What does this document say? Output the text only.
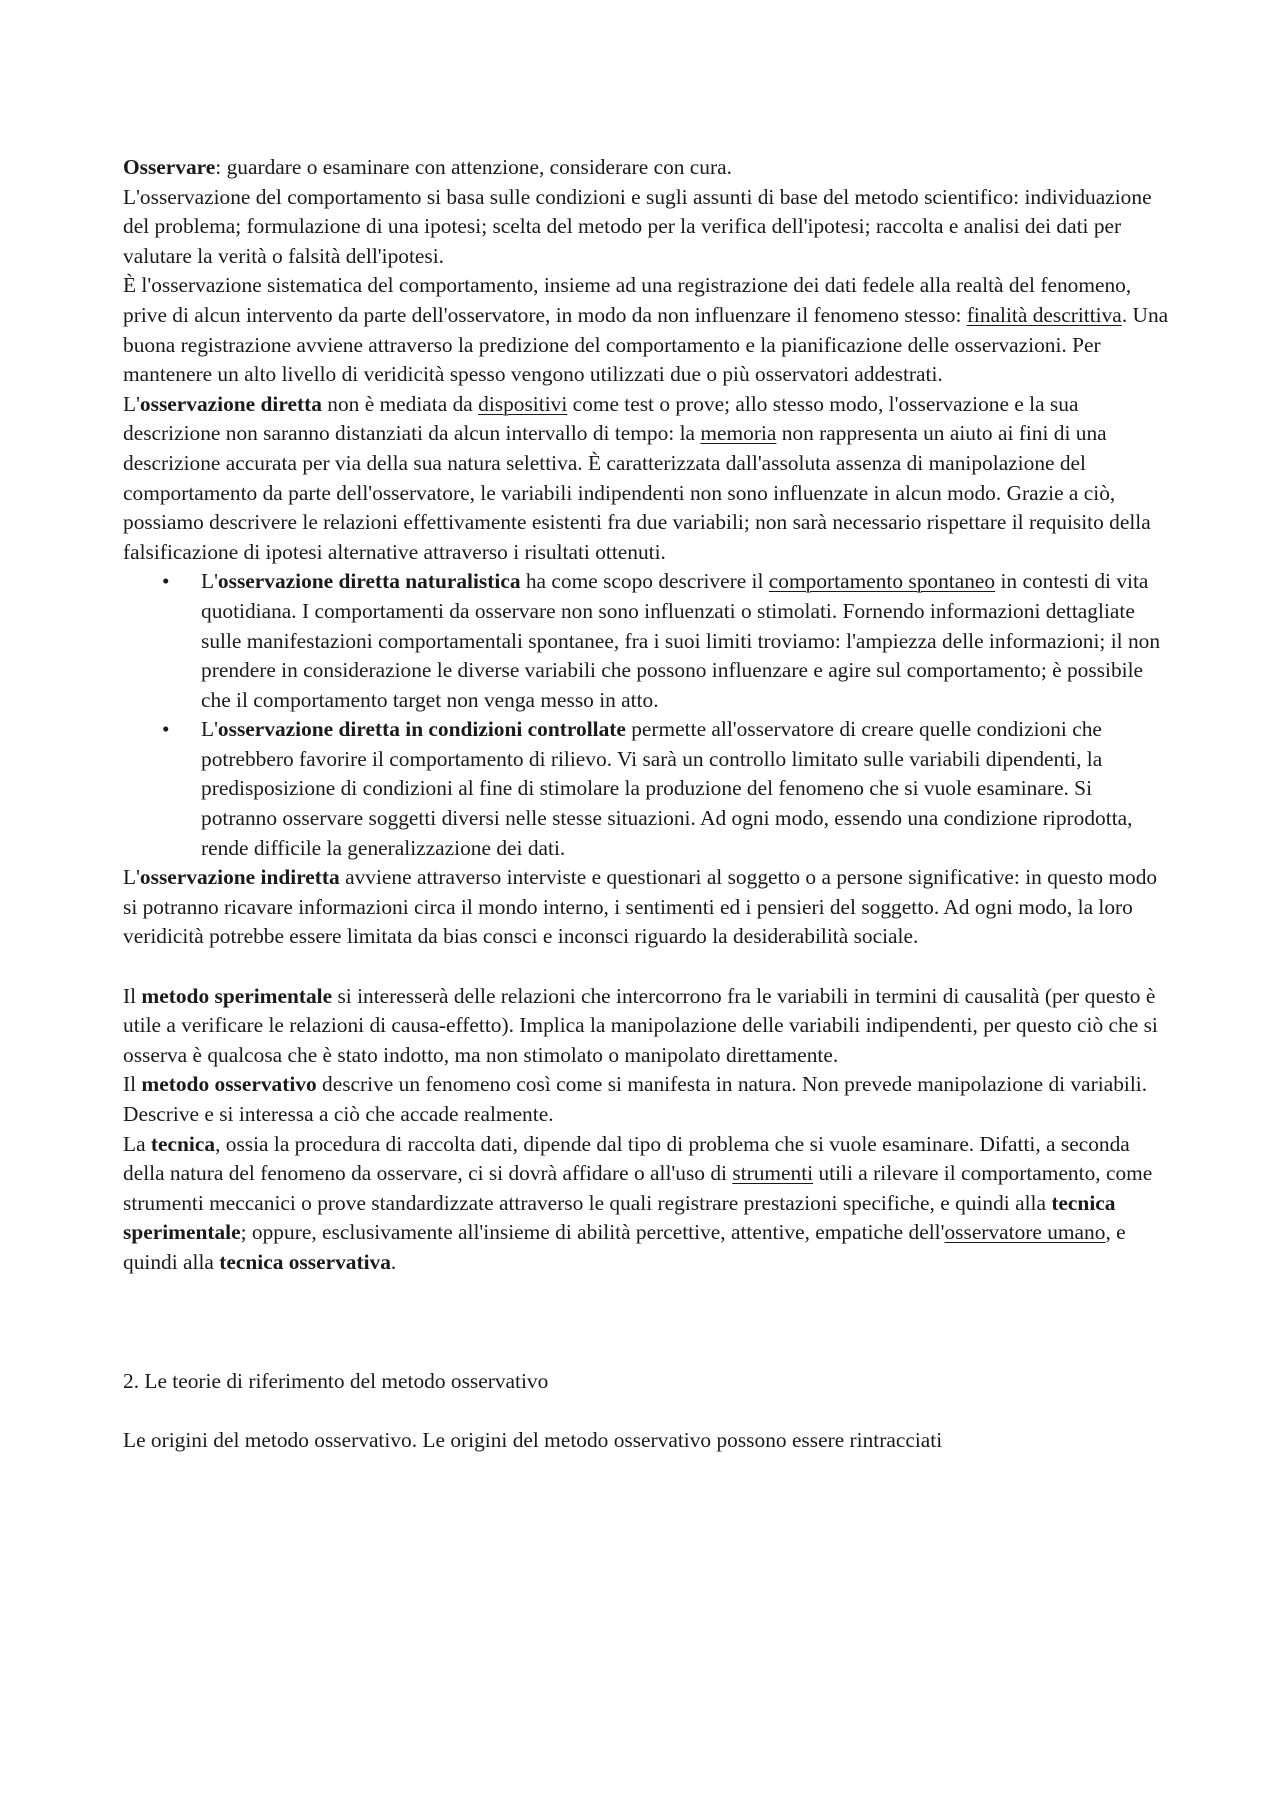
Osservare: guardare o esaminare con attenzione, considerare con cura.

L'osservazione del comportamento si basa sulle condizioni e sugli assunti di base del metodo scientifico: individuazione del problema; formulazione di una ipotesi; scelta del metodo per la verifica dell'ipotesi; raccolta e analisi dei dati per valutare la verità o falsità dell'ipotesi.

È l'osservazione sistematica del comportamento, insieme ad una registrazione dei dati fedele alla realtà del fenomeno, prive di alcun intervento da parte dell'osservatore, in modo da non influenzare il fenomeno stesso: finalità descrittiva. Una buona registrazione avviene attraverso la predizione del comportamento e la pianificazione delle osservazioni. Per mantenere un alto livello di veridicità spesso vengono utilizzati due o più osservatori addestrati.

L'osservazione diretta non è mediata da dispositivi come test o prove; allo stesso modo, l'osservazione e la sua descrizione non saranno distanziati da alcun intervallo di tempo: la memoria non rappresenta un aiuto ai fini di una descrizione accurata per via della sua natura selettiva. È caratterizzata dall'assoluta assenza di manipolazione del comportamento da parte dell'osservatore, le variabili indipendenti non sono influenzate in alcun modo. Grazie a ciò, possiamo descrivere le relazioni effettivamente esistenti fra due variabili; non sarà necessario rispettare il requisito della falsificazione di ipotesi alternative attraverso i risultati ottenuti.

• L'osservazione diretta naturalistica ha come scopo descrivere il comportamento spontaneo in contesti di vita quotidiana. I comportamenti da osservare non sono influenzati o stimolati. Fornendo informazioni dettagliate sulle manifestazioni comportamentali spontanee, fra i suoi limiti troviamo: l'ampiezza delle informazioni; il non prendere in considerazione le diverse variabili che possono influenzare e agire sul comportamento; è possibile che il comportamento target non venga messo in atto.
• L'osservazione diretta in condizioni controllate permette all'osservatore di creare quelle condizioni che potrebbero favorire il comportamento di rilievo. Vi sarà un controllo limitato sulle variabili dipendenti, la predisposizione di condizioni al fine di stimolare la produzione del fenomeno che si vuole esaminare. Si potranno osservare soggetti diversi nelle stesse situazioni. Ad ogni modo, essendo una condizione riprodotta, rende difficile la generalizzazione dei dati.

L'osservazione indiretta avviene attraverso interviste e questionari al soggetto o a persone significative: in questo modo si potranno ricavare informazioni circa il mondo interno, i sentimenti ed i pensieri del soggetto. Ad ogni modo, la loro veridicità potrebbe essere limitata da bias consci e inconsci riguardo la desiderabilità sociale.

Il metodo sperimentale si interesserà delle relazioni che intercorrono fra le variabili in termini di causalità (per questo è utile a verificare le relazioni di causa-effetto). Implica la manipolazione delle variabili indipendenti, per questo ciò che si osserva è qualcosa che è stato indotto, ma non stimolato o manipolato direttamente.

Il metodo osservativo descrive un fenomeno così come si manifesta in natura. Non prevede manipolazione di variabili. Descrive e si interessa a ciò che accade realmente.

La tecnica, ossia la procedura di raccolta dati, dipende dal tipo di problema che si vuole esaminare. Difatti, a seconda della natura del fenomeno da osservare, ci si dovrà affidare o all'uso di strumenti utili a rilevare il comportamento, come strumenti meccanici o prove standardizzate attraverso le quali registrare prestazioni specifiche, e quindi alla tecnica sperimentale; oppure, esclusivamente all'insieme di abilità percettive, attentive, empatiche dell'osservatore umano, e quindi alla tecnica osservativa.

2. Le teorie di riferimento del metodo osservativo

Le origini del metodo osservativo. Le origini del metodo osservativo possono essere rintracciati
